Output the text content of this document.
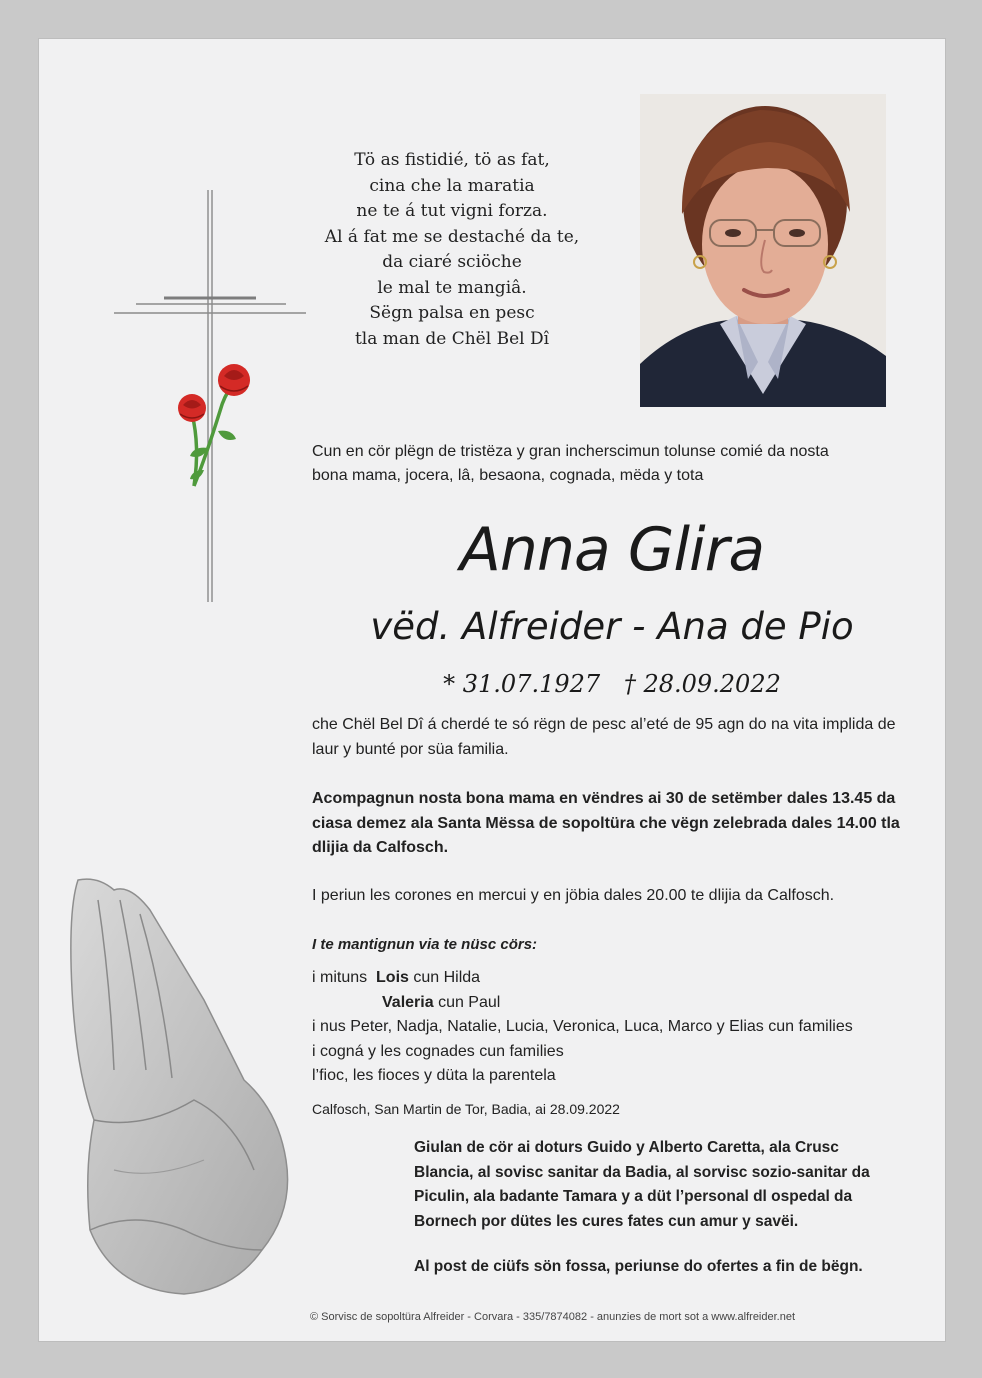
Tö as fistidié, tö as fat,
cina che la maratia
ne te á tut vigni forza.
Al á fat me se destaché da te,
da ciaré sciöche
le mal te mangiâ.
Sëgn palsa en pesc
tla man de Chël Bel Dî
Cun en cör plëgn de tristëza y gran incherscimun tolunse comié da nosta
bona mama, jocera, lâ, besaona, cognada, mëda y tota
Anna Glira
vëd. Alfreider - Ana de Pio
* 31.07.1927 † 28.09.2022
che Chël Bel Dî á cherdé te só rëgn de pesc al’eté de 95 agn do na vita implida de laur y bunté por süa familia.
Acompagnun nosta bona mama en vëndres ai 30 de setëmber dales 13.45 da ciasa demez ala Santa Mëssa de sopoltüra che vëgn zelebrada dales 14.00 tla dlijia da Calfosch.
I periun les corones en mercui y en jöbia dales 20.00 te dlijia da Calfosch.
I te mantignun via te nüsc cörs:
i mituns Lois cun Hilda
Valeria cun Paul
i nus Peter, Nadja, Natalie, Lucia, Veronica, Luca, Marco y Elias cun families
i cogná y les cognades cun families
l’fioc, les fioces y düta la parentela
Calfosch, San Martin de Tor, Badia, ai 28.09.2022
Giulan de cör ai doturs Guido y Alberto Caretta, ala Crusc Blancia, al sovisc sanitar da Badia, al sorvisc sozio-sanitar da Piculin, ala badante Tamara y a düt l’personal dl ospedal da Bornech por dütes les cures fates cun amur y savëi.
Al post de ciüfs sön fossa, periunse do ofertes a fin de bëgn.
© Sorvisc de sopoltüra Alfreider - Corvara - 335/7874082 - anunzies de mort sot a www.alfreider.net
